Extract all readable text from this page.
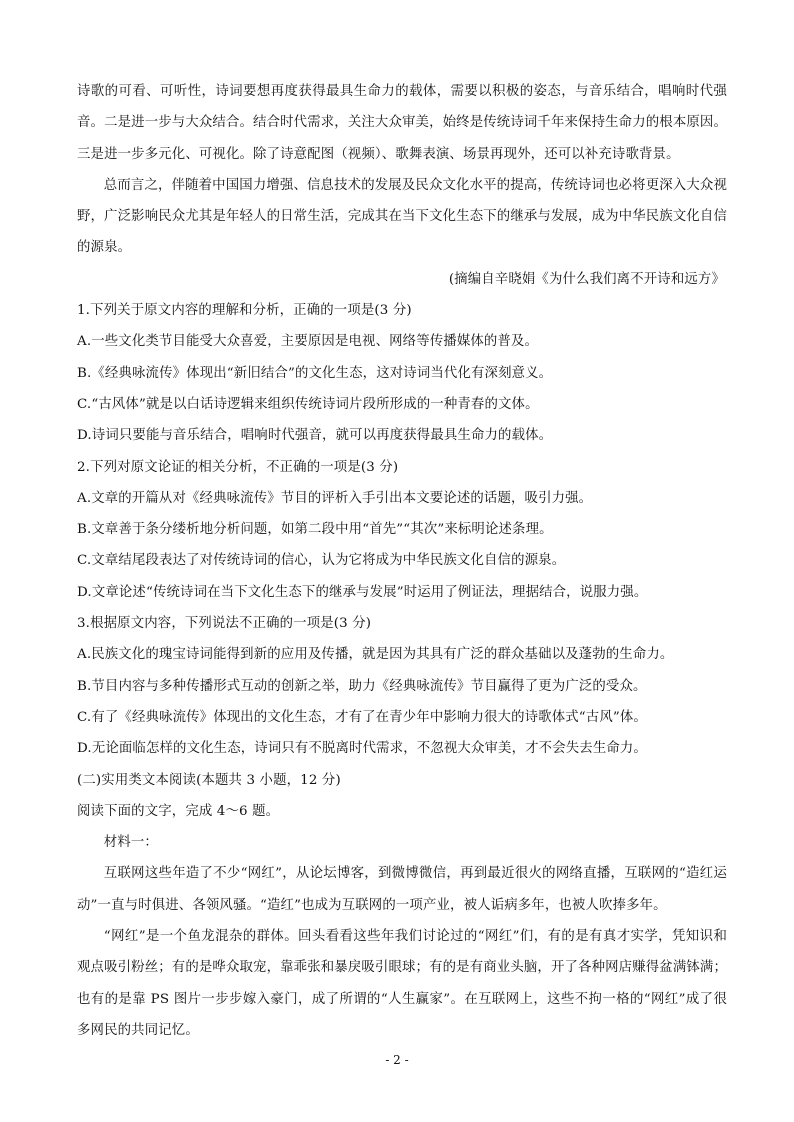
诗歌的可看、可听性，诗词要想再度获得最具生命力的载体，需要以积极的姿态，与音乐结合，唱响时代强音。二是进一步与大众结合。结合时代需求，关注大众审美，始终是传统诗词千年来保持生命力的根本原因。三是进一步多元化、可视化。除了诗意配图（视频）、歌舞表演、场景再现外，还可以补充诗歌背景。

总而言之，伴随着中国国力增强、信息技术的发展及民众文化水平的提高，传统诗词也必将更深入大众视野，广泛影响民众尤其是年轻人的日常生活，完成其在当下文化生态下的继承与发展，成为中华民族文化自信的源泉。

(摘编自辛晓娟《为什么我们离不开诗和远方》

1.下列关于原文内容的理解和分析，正确的一项是(3 分)

A.一些文化类节目能受大众喜爱，主要原因是电视、网络等传播媒体的普及。

B.《经典咏流传》体现出“新旧结合”的文化生态，这对诗词当代化有深刻意义。

C.“古风体”就是以白话诗逻辑来组织传统诗词片段所形成的一种青春的文体。

D.诗词只要能与音乐结合，唱响时代强音，就可以再度获得最具生命力的载体。

2.下列对原文论证的相关分析，不正确的一项是(3 分)

A.文章的开篇从对《经典咏流传》节目的评析入手引出本文要论述的话题，吸引力强。

B.文章善于条分缕析地分析问题，如第二段中用“首先”“其次”来标明论述条理。

C.文章结尾段表达了对传统诗词的信心，认为它将成为中华民族文化自信的源泉。

D.文章论述“传统诗词在当下文化生态下的继承与发展”时运用了例证法，理据结合，说服力强。

3.根据原文内容，下列说法不正确的一项是(3 分)

A.民族文化的瑰宝诗词能得到新的应用及传播，就是因为其具有广泛的群众基础以及蓬勃的生命力。

B.节目内容与多种传播形式互动的创新之举，助力《经典咏流传》节目赢得了更为广泛的受众。

C.有了《经典咏流传》体现出的文化生态，才有了在青少年中影响力很大的诗歌体式“古风”体。

D.无论面临怎样的文化生态，诗词只有不脱离时代需求，不忽视大众审美，才不会失去生命力。

(二)实用类文本阅读(本题共 3 小题，12 分)

阅读下面的文字，完成 4～6 题。

材料一：

互联网这些年造了不少“网红”，从论坛博客，到微博微信，再到最近很火的网络直播，互联网的“造红运动”一直与时俱进、各领风骚。“造红”也成为互联网的一项产业，被人诟病多年，也被人吹捧多年。

“网红”是一个鱼龙混杂的群体。回头看看这些年我们讨论过的“网红”们，有的是有真才实学，凭知识和观点吸引粉丝；有的是哗众取宠，靠乖张和暴戾吸引眼球；有的是有商业头脑，开了各种网店赚得盆满钵满；也有的是靠 PS 图片一步步嫁入豪门，成了所谓的“人生赢家”。在互联网上，这些不拘一格的“网红”成了很多网民的共同记忆。

- 2 -
